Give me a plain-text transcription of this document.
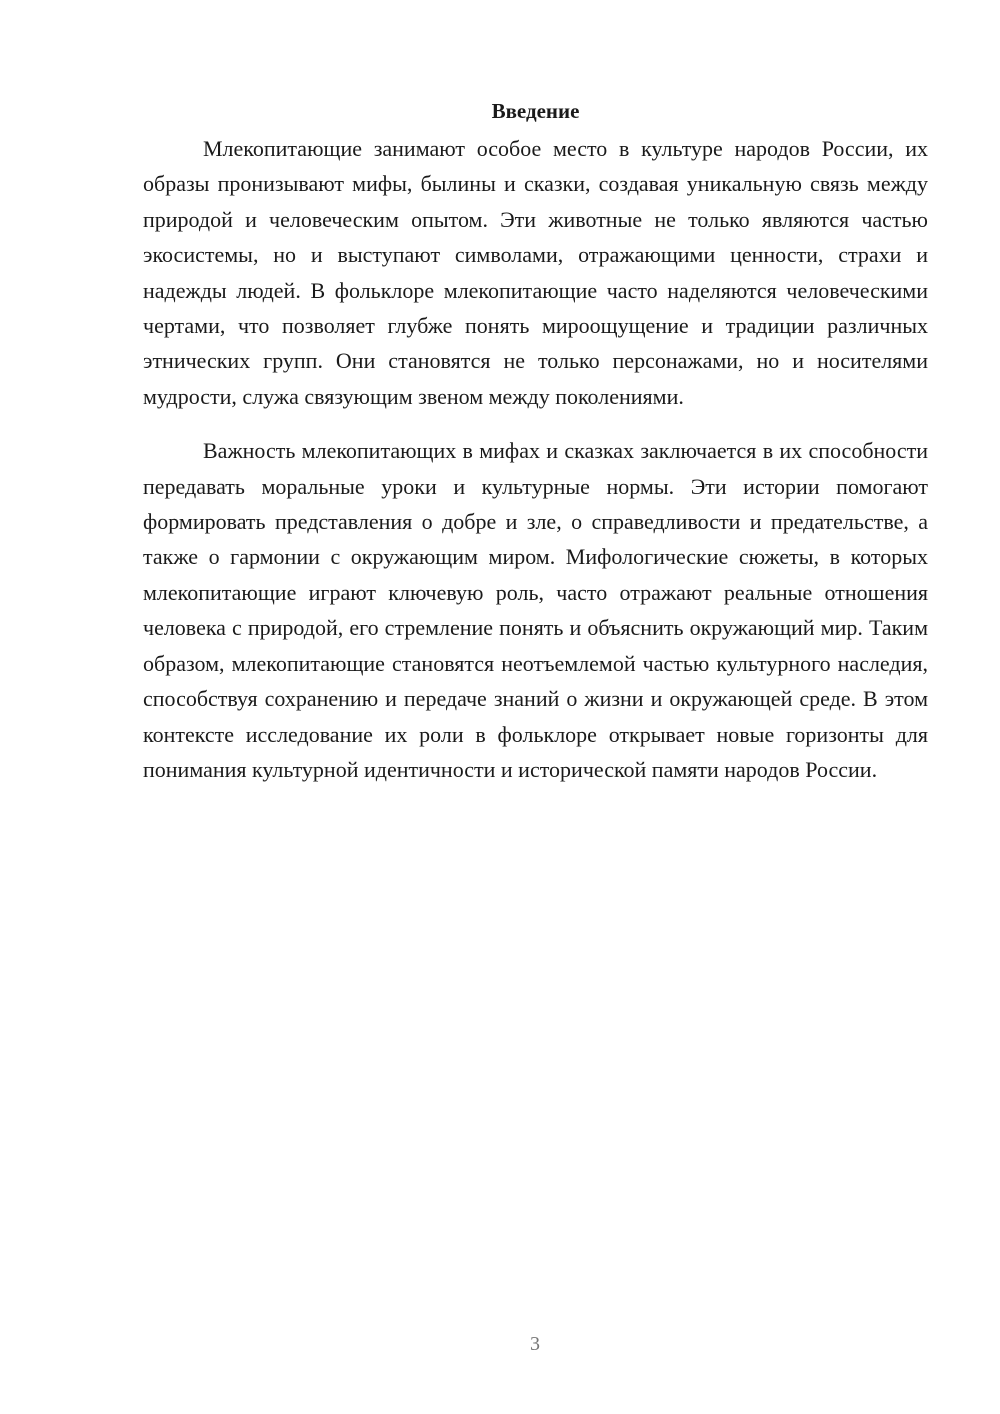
Введение

Млекопитающие занимают особое место в культуре народов России, их образы пронизывают мифы, былины и сказки, создавая уникальную связь между природой и человеческим опытом. Эти животные не только являются частью экосистемы, но и выступают символами, отражающими ценности, страхи и надежды людей. В фольклоре млекопитающие часто наделяются человеческими чертами, что позволяет глубже понять мироощущение и традиции различных этнических групп. Они становятся не только персонажами, но и носителями мудрости, служа связующим звеном между поколениями.

Важность млекопитающих в мифах и сказках заключается в их способности передавать моральные уроки и культурные нормы. Эти истории помогают формировать представления о добре и зле, о справедливости и предательстве, а также о гармонии с окружающим миром. Мифологические сюжеты, в которых млекопитающие играют ключевую роль, часто отражают реальные отношения человека с природой, его стремление понять и объяснить окружающий мир. Таким образом, млекопитающие становятся неотъемлемой частью культурного наследия, способствуя сохранению и передаче знаний о жизни и окружающей среде. В этом контексте исследование их роли в фольклоре открывает новые горизонты для понимания культурной идентичности и исторической памяти народов России.

3
